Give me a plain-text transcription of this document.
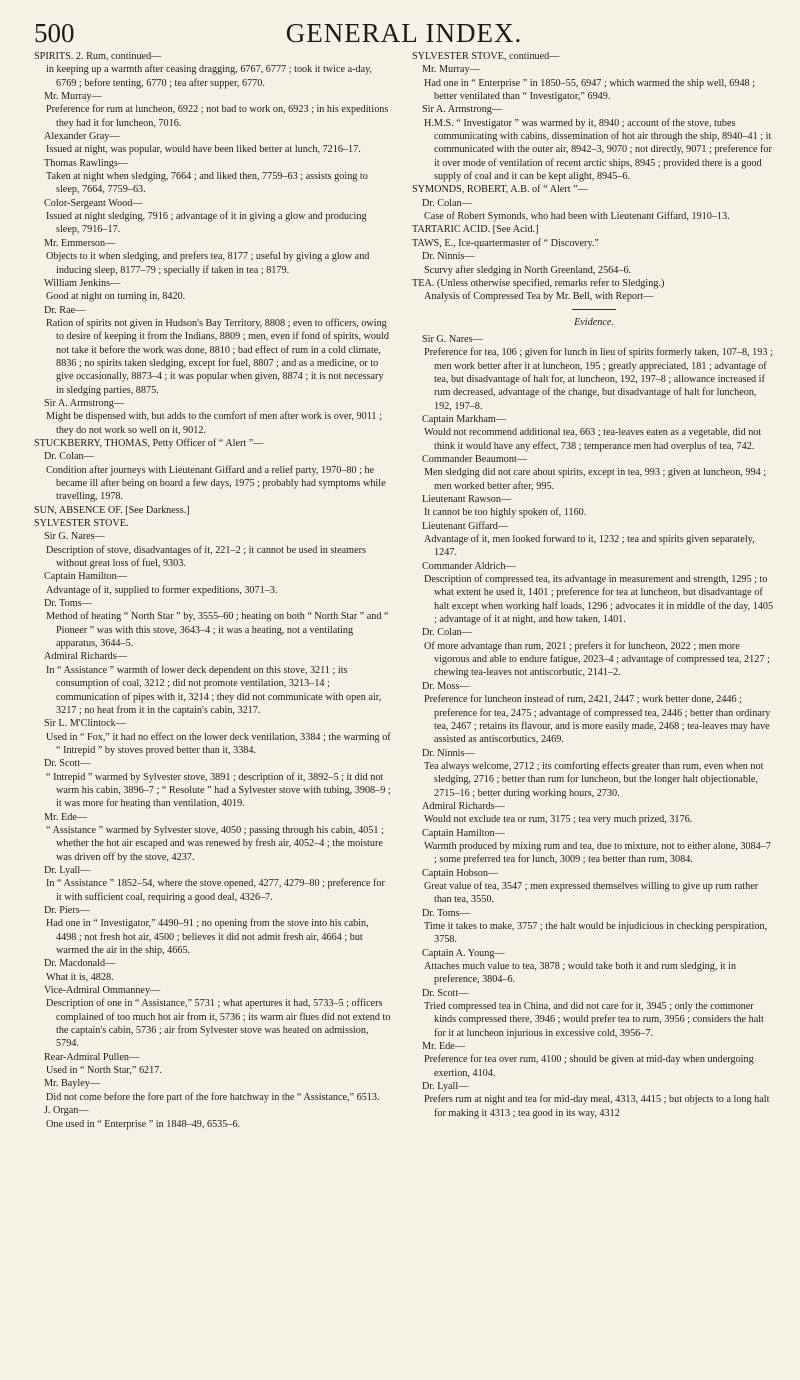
500	GENERAL INDEX.
SPIRITS. 2. Rum, continued—
in keeping up a warmth after ceasing dragging, 6767, 6777 ; took it twice a-day, 6769 ; before tenting, 6770 ; tea after supper, 6770.
Mr. Murray—
Preference for rum at luncheon, 6922 ; not bad to work on, 6923 ; in his expeditions they had it for luncheon, 7016.
Alexander Gray—
Issued at night, was popular, would have been liked better at lunch, 7216–17.
Thomas Rawlings—
Taken at night when sledging, 7664 ; and liked then, 7759–63 ; assists going to sleep, 7664, 7759–63.
Color-Sergeant Wood—
Issued at night sledging, 7916 ; advantage of it in giving a glow and producing sleep, 7916–17.
Mr. Emmerson—
Objects to it when sledging, and prefers tea, 8177 ; useful by giving a glow and inducing sleep, 8177–79 ; specially if taken in tea ; 8179.
William Jenkins—
Good at night on turning in, 8420.
Dr. Rae—
Ration of spirits not given in Hudson's Bay Territory, 8808 ; even to officers, owing to desire of keeping it from the Indians, 8809 ; men, even if fond of spirits, would not take it before the work was done, 8810 ; bad effect of rum in a cold climate, 8836 ; no spirits taken sledging, except for fuel, 8807 ; and as a medicine, or to give occasionally, 8873–4 ; it was popular when given, 8874 ; it is not necessary in sledging parties, 8875.
Sir A. Armstrong—
Might be dispensed with, but adds to the comfort of men after work is over, 9011 ; they do not work so well on it, 9012.
STUCKBERRY, THOMAS, Petty Officer of “ Alert ”—
Dr. Colan—
Condition after journeys with Lieutenant Giffard and a relief party, 1970–80 ; he became ill after being on board a few days, 1975 ; probably had symptoms while travelling, 1978.
SUN, ABSENCE OF. [See Darkness.]
SYLVESTER STOVE.
Sir G. Nares—
Description of stove, disadvantages of it, 221–2 ; it cannot be used in steamers without great loss of fuel, 9303.
Captain Hamilton—
Advantage of it, supplied to former expeditions, 3071–3.
Dr. Toms—
Method of heating “ North Star ” by, 3555–60 ; heating on both “ North Star ” and “ Pioneer ” was with this stove, 3643–4 ; it was a heating, not a ventilating apparatus, 3644–5.
Admiral Richards—
In “ Assistance ” warmth of lower deck dependent on this stove, 3211 ; its consumption of coal, 3212 ; did not promote ventilation, 3213–14 ; communication of pipes with it, 3214 ; they did not communicate with open air, 3217 ; no heat from it in the captain's cabin, 3217.
Sir L. M'Clintock—
Used in “ Fox,” it had no effect on the lower deck ventilation, 3384 ; the warming of “ Intrepid ” by stoves proved better than it, 3384.
Dr. Scott—
“ Intrepid ” warmed by Sylvester stove, 3891 ; description of it, 3892–5 ; it did not warm his cabin, 3896–7 ; “ Resolute ” had a Sylvester stove with tubing, 3908–9 ; it was more for heating than ventilation, 4019.
Mr. Ede—
“ Assistance ” warmed by Sylvester stove, 4050 ; passing through his cabin, 4051 ; whether the hot air escaped and was renewed by fresh air, 4052–4 ; the moisture was driven off by the stove, 4237.
Dr. Lyall—
In “ Assistance ” 1852–54, where the stove opened, 4277, 4279–80 ; preference for it with sufficient coal, requiring a good deal, 4326–7.
Dr. Piers—
Had one in “ Investigator,” 4490–91 ; no opening from the stove into his cabin, 4498 ; not fresh hot air, 4500 ; believes it did not admit fresh air, 4664 ; but warmed the air in the ship, 4665.
Dr. Macdonald—
What it is, 4828.
Vice-Admiral Ommanney—
Description of one in “ Assistance,” 5731 ; what apertures it had, 5733–5 ; officers complained of too much hot air from it, 5736 ; its warm air flues did not extend to the captain's cabin, 5736 ; air from Sylvester stove was heated on admission, 5794.
Rear-Admiral Pullen—
Used in “ North Star,” 6217.
Mr. Bayley—
Did not come before the fore part of the fore hatchway in the “ Assistance,” 6513.
J. Organ—
One used in “ Enterprise ” in 1848–49, 6535–6.
SYLVESTER STOVE, continued—
Mr. Murray—
Had one in “ Enterprise ” in 1850–55, 6947 ; which warmed the ship well, 6948 ; better ventilated than “ Investigator,” 6949.
Sir A. Armstrong—
H.M.S. “ Investigator ” was warmed by it, 8940 ; account of the stove, tubes communicating with cabins, dissemination of hot air through the ship, 8940–41 ; it communicated with the outer air, 8942–3, 9070 ; not directly, 9071 ; preference for it over mode of ventilation of recent arctic ships, 8945 ; provided there is a good supply of coal and it can be kept alight, 8945–6.
SYMONDS, ROBERT, A.B. of “ Alert ”—
Dr. Colan—
Case of Robert Symonds, who had been with Lieutenant Giffard, 1910–13.
TARTARIC ACID. [See Acid.]
TAWS, E., Ice-quartermaster of “ Discovery.”
Dr. Ninnis—
Scurvy after sledging in North Greenland, 2564–6.
TEA. (Unless otherwise specified, remarks refer to Sledging.)
Analysis of Compressed Tea by Mr. Bell, with Report—
Evidence.
Sir G. Nares—
Preference for tea, 106 ; given for lunch in lieu of spirits formerly taken, 107–8, 193 ; men work better after it at luncheon, 195 ; greatly appreciated, 181 ; advantage of tea, but disadvantage of halt for, at luncheon, 192, 197–8 ; allowance increased if rum decreased, advantage of the change, but disadvantage of halt for luncheon, 192, 197–8.
Captain Markham—
Would not recommend additional tea, 663 ; tea-leaves eaten as a vegetable, did not think it would have any effect, 738 ; temperance men had overplus of tea, 742.
Commander Beaumont—
Men sledging did not care about spirits, except in tea, 993 ; given at luncheon, 994 ; men worked better after, 995.
Lieutenant Rawson—
It cannot be too highly spoken of, 1160.
Lieutenant Giffard—
Advantage of it, men looked forward to it, 1232 ; tea and spirits given separately, 1247.
Commander Aldrich—
Description of compressed tea, its advantage in measurement and strength, 1295 ; to what extent he used it, 1401 ; preference for tea at luncheon, but disadvantage of halt except when working half loads, 1296 ; advocates it in middle of the day, 1405 ; advantage of it at night, and how taken, 1401.
Dr. Colan—
Of more advantage than rum, 2021 ; prefers it for luncheon, 2022 ; men more vigorous and able to endure fatigue, 2023–4 ; advantage of compressed tea, 2127 ; chewing tea-leaves not antiscorbutic, 2141–2.
Dr. Moss—
Preference for luncheon instead of rum, 2421, 2447 ; work better done, 2446 ; preference for tea, 2475 ; advantage of compressed tea, 2446 ; better than ordinary tea, 2467 ; retains its flavour, and is more easily made, 2468 ; tea-leaves may have assisted as antiscorbutics, 2469.
Dr. Ninnis—
Tea always welcome, 2712 ; its comforting effects greater than rum, even when not sledging, 2716 ; better than rum for luncheon, but the longer halt objectionable, 2715–16 ; better during working hours, 2730.
Admiral Richards—
Would not exclude tea or rum, 3175 ; tea very much prized, 3176.
Captain Hamilton—
Warmth produced by mixing rum and tea, due to mixture, not to either alone, 3084–7 ; some preferred tea for lunch, 3009 ; tea better than rum, 3084.
Captain Hobson—
Great value of tea, 3547 ; men expressed themselves willing to give up rum rather than tea, 3550.
Dr. Toms—
Time it takes to make, 3757 ; the halt would be injudicious in checking perspiration, 3758.
Captain A. Young—
Attaches much value to tea, 3878 ; would take both it and rum sledging, it in preference, 3804–6.
Dr. Scott—
Tried compressed tea in China, and did not care for it, 3945 ; only the commoner kinds compressed there, 3946 ; would prefer tea to rum, 3956 ; considers the halt for it at luncheon injurious in excessive cold, 3956–7.
Mr. Ede—
Preference for tea over rum, 4100 ; should be given at mid-day when undergoing exertion, 4104.
Dr. Lyall—
Prefers rum at night and tea for mid-day meal, 4313, 4415 ; but objects to a long halt for making it 4313 ; tea good in its way, 4312
